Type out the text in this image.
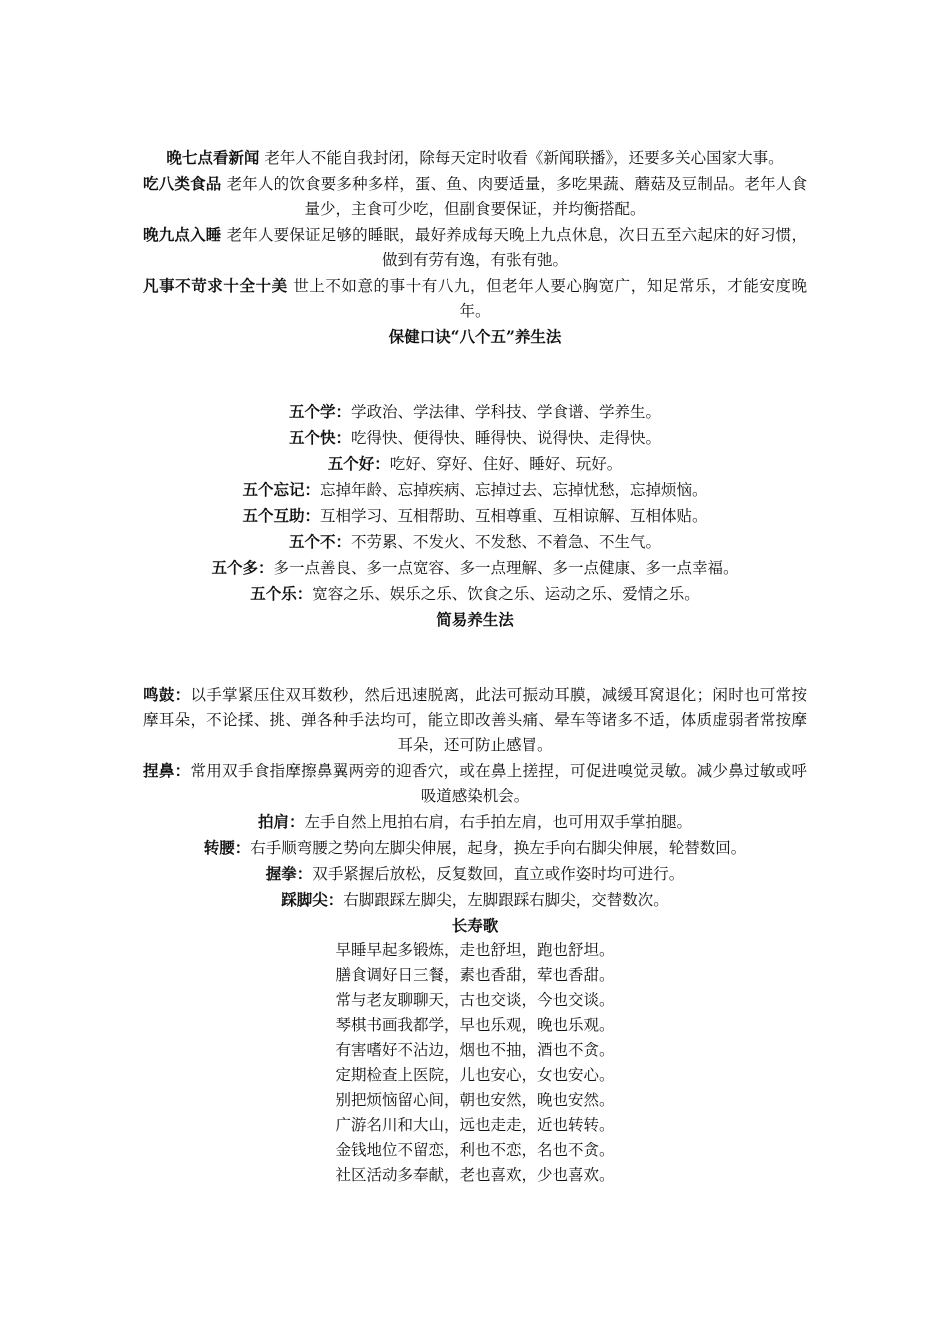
晚七点看新闻 老年人不能自我封闭，除每天定时收看《新闻联播》，还要多关心国家大事。
吃八类食品 老年人的饮食要多种多样，蛋、鱼、肉要适量，多吃果蔬、蘑菇及豆制品。老年人食量少，主食可少吃，但副食要保证，并均衡搭配。
晚九点入睡 老年人要保证足够的睡眠，最好养成每天晚上九点休息，次日五至六起床的好习惯，做到有劳有逸，有张有弛。
凡事不苛求十全十美 世上不如意的事十有八九，但老年人要心胸宽广，知足常乐，才能安度晚年。
保健口诀“八个五”养生法
五个学：学政治、学法律、学科技、学食谱、学养生。
五个快：吃得快、便得快、睡得快、说得快、走得快。
五个好：吃好、穿好、住好、睡好、玩好。
五个忘记：忘掉年龄、忘掉疾病、忘掉过去、忘掉忧愁，忘掉烦恼。
五个互助：互相学习、互相帮助、互相尊重、互相谅解、互相体贴。
五个不：不劳累、不发火、不发愁、不着急、不生气。
五个多：多一点善良、多一点宽容、多一点理解、多一点健康、多一点幸福。
五个乐：宽容之乐、娱乐之乐、饮食之乐、运动之乐、爱情之乐。
简易养生法
鸣鼓：以手掌紧压住双耳数秒，然后迅速脱离，此法可振动耳膜，减缓耳窝退化；闲时也可常按摩耳朵，不论揉、挑、弹各种手法均可，能立即改善头痛、晕车等诸多不适，体质虚弱者常按摩耳朵，还可防止感冒。
捏鼻：常用双手食指摩擦鼻翼两旁的迎香穴，或在鼻上搓捏，可促进嗅觉灵敏。减少鼻过敏或呼吸道感染机会。
拍肩：左手自然上甩拍右肩，右手拍左肩，也可用双手掌拍腿。
转腰：右手顺弯腰之势向左脚尖伸展，起身，换左手向右脚尖伸展，轮替数回。
握拳：双手紧握后放松，反复数回，直立或作姿时均可进行。
踩脚尖：右脚跟踩左脚尖，左脚跟踩右脚尖，交替数次。
长寿歌
早睡早起多锻炼，走也舒坦，跑也舒坦。
膳食调好日三餐，素也香甜，荤也香甜。
常与老友聊聊天，古也交谈，今也交谈。
琴棋书画我都学，早也乐观，晚也乐观。
有害嗜好不沾边，烟也不抽，酒也不贪。
定期检查上医院，儿也安心，女也安心。
别把烦恼留心间，朝也安然，晚也安然。
广游名川和大山，远也走走，近也转转。
金钱地位不留恋，利也不恋，名也不贪。
社区活动多奉献，老也喜欢，少也喜欢。
